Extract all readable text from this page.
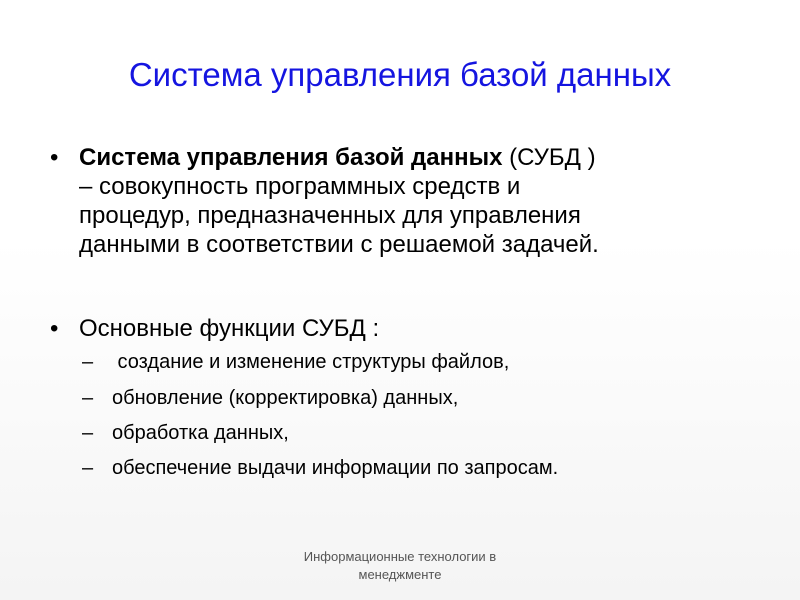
Система управления базой данных
• Система управления базой данных (СУБД )
– совокупность программных средств и
процедур, предназначенных для управления
данными в соответствии с решаемой задачей.
• Основные функции СУБД :
– создание и изменение структуры файлов,
– обновление (корректировка) данных,
– обработка данных,
– обеспечение выдачи информации по запросам.
Информационные технологии в
менеджменте
